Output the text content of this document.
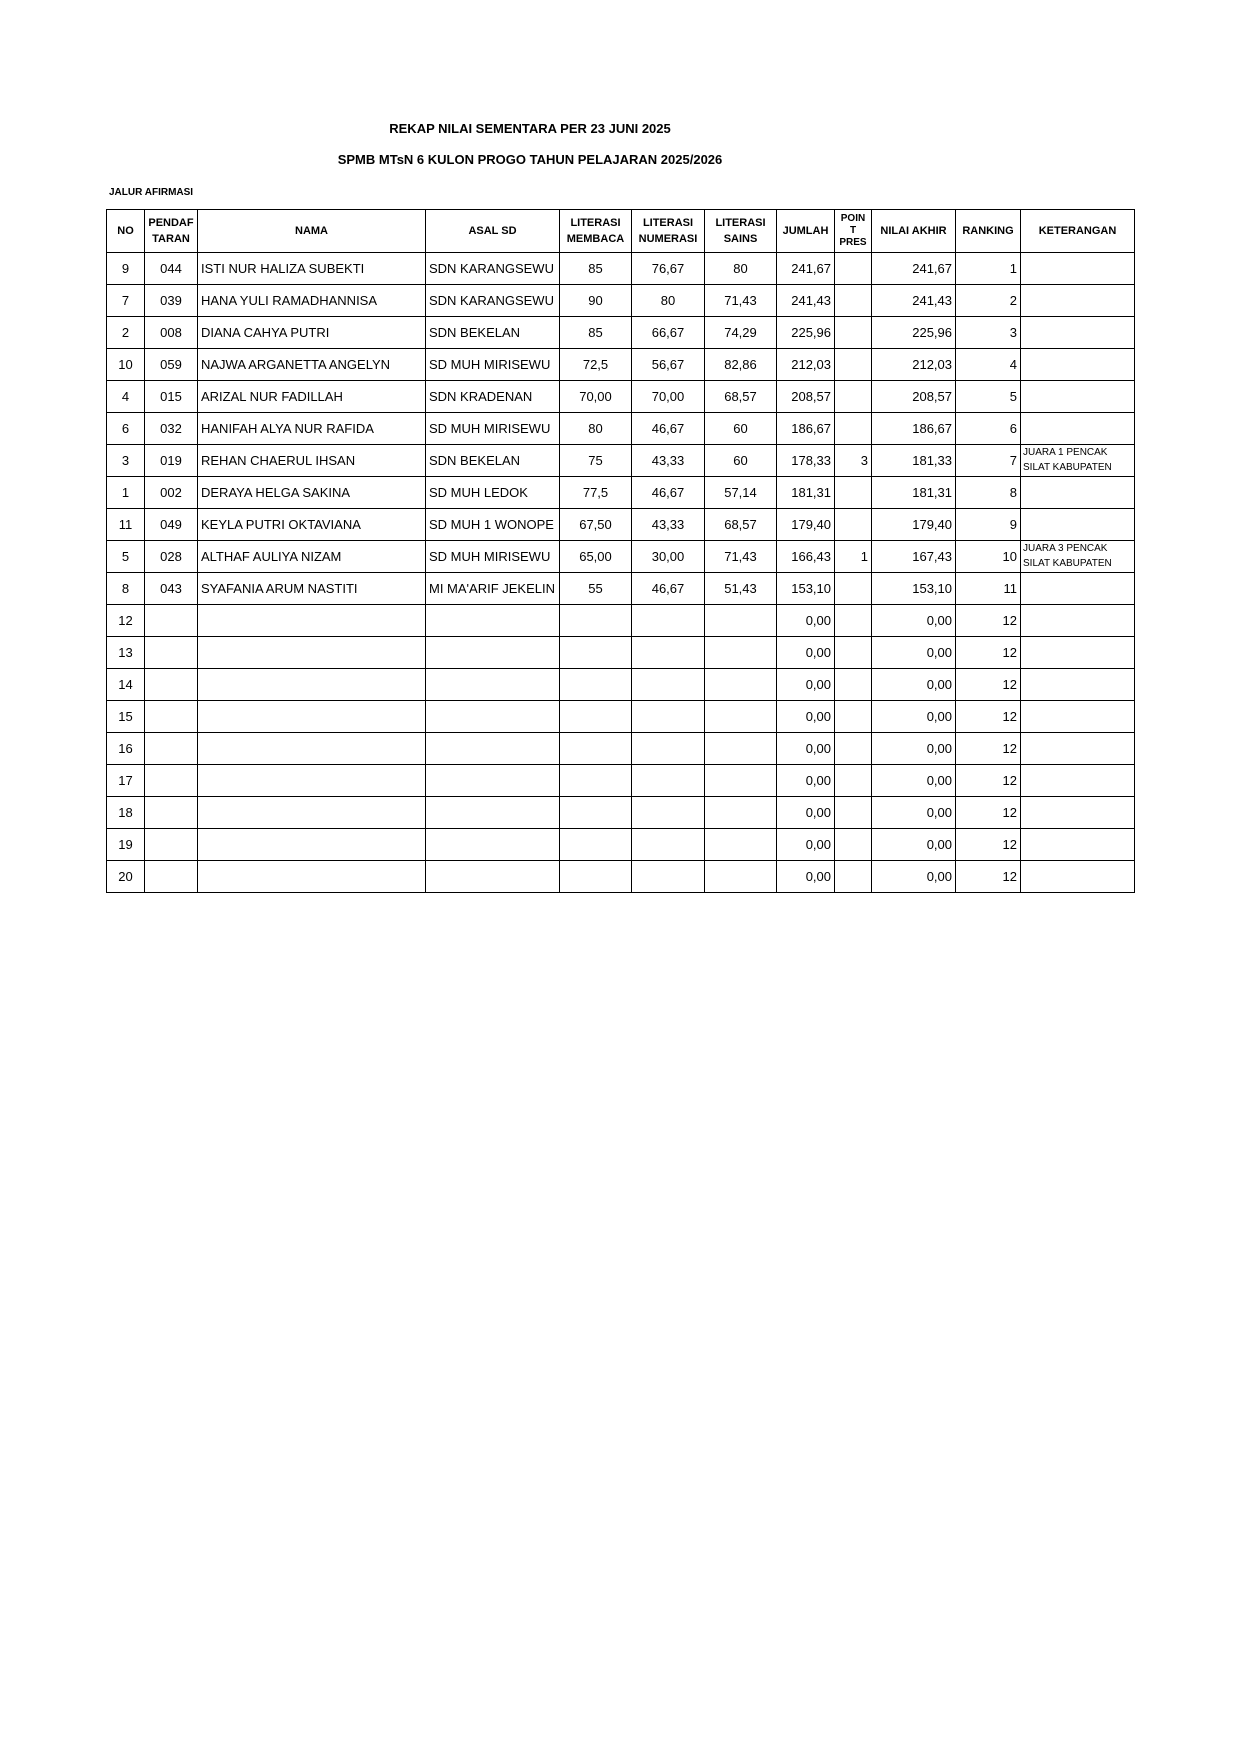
REKAP NILAI SEMENTARA PER 23 JUNI 2025
SPMB MTsN 6 KULON PROGO TAHUN PELAJARAN 2025/2026
JALUR AFIRMASI
NO	PENDAF TARAN	NAMA	ASAL SD	LITERASI MEMBACA	LITERASI NUMERASI	LITERASI SAINS	JUMLAH	POIN T PRES	NILAI AKHIR	RANKING	KETERANGAN
9	044	ISTI NUR HALIZA SUBEKTI	SDN KARANGSEWU	85	76,67	80	241,67		241,67	1	
7	039	HANA YULI RAMADHANNISA	SDN KARANGSEWU	90	80	71,43	241,43		241,43	2	
2	008	DIANA CAHYA PUTRI	SDN BEKELAN	85	66,67	74,29	225,96		225,96	3	
10	059	NAJWA ARGANETTA ANGELYN	SD MUH MIRISEWU	72,5	56,67	82,86	212,03		212,03	4	
4	015	ARIZAL NUR FADILLAH	SDN KRADENAN	70,00	70,00	68,57	208,57		208,57	5	
6	032	HANIFAH ALYA NUR RAFIDA	SD MUH MIRISEWU	80	46,67	60	186,67		186,67	6	
3	019	REHAN CHAERUL IHSAN	SDN BEKELAN	75	43,33	60	178,33	3	181,33	7	JUARA 1 PENCAK SILAT KABUPATEN
1	002	DERAYA HELGA SAKINA	SD MUH LEDOK	77,5	46,67	57,14	181,31		181,31	8	
11	049	KEYLA PUTRI OKTAVIANA	SD MUH 1 WONOPE	67,50	43,33	68,57	179,40		179,40	9	
5	028	ALTHAF AULIYA NIZAM	SD MUH MIRISEWU	65,00	30,00	71,43	166,43	1	167,43	10	JUARA 3 PENCAK SILAT KABUPATEN
8	043	SYAFANIA ARUM NASTITI	MI MA'ARIF JEKELIN	55	46,67	51,43	153,10		153,10	11	
12							0,00		0,00	12	
13							0,00		0,00	12	
14							0,00		0,00	12	
15							0,00		0,00	12	
16							0,00		0,00	12	
17							0,00		0,00	12	
18							0,00		0,00	12	
19							0,00		0,00	12	
20							0,00		0,00	12	
